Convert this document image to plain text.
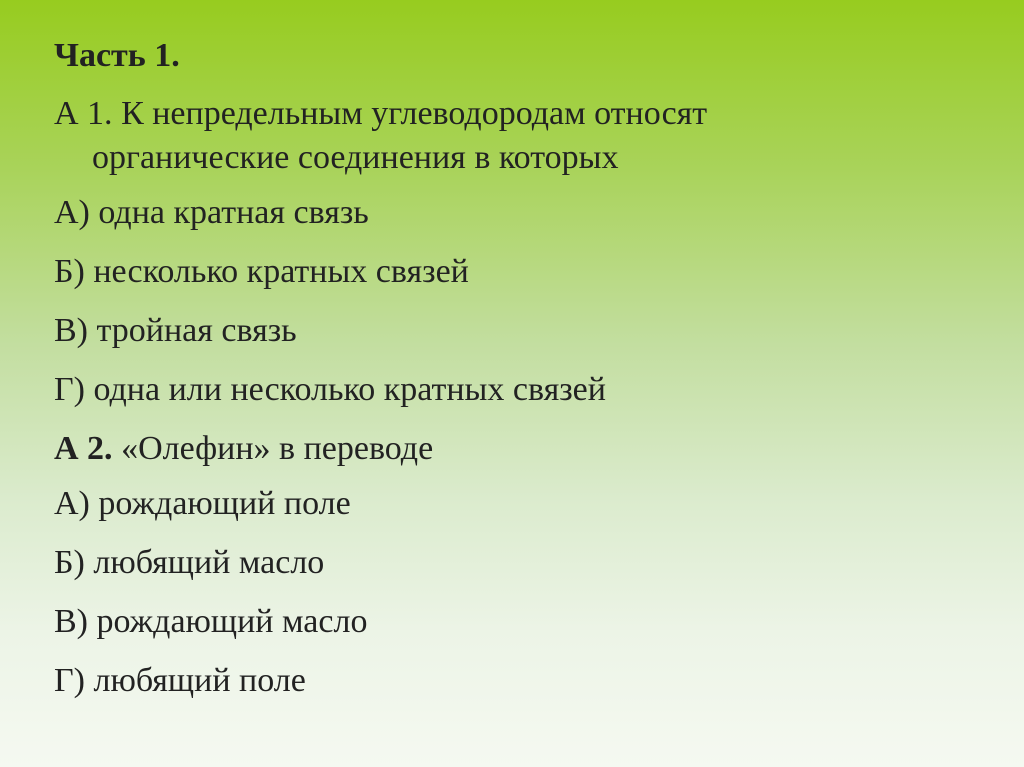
Часть 1.
А 1. К непредельным углеводородам относят
органические соединения в которых
А) одна кратная связь
Б) несколько кратных связей
В) тройная связь
Г) одна или несколько кратных связей
А 2. «Олефин» в переводе
А) рождающий поле
Б) любящий масло
В) рождающий масло
Г) любящий поле
